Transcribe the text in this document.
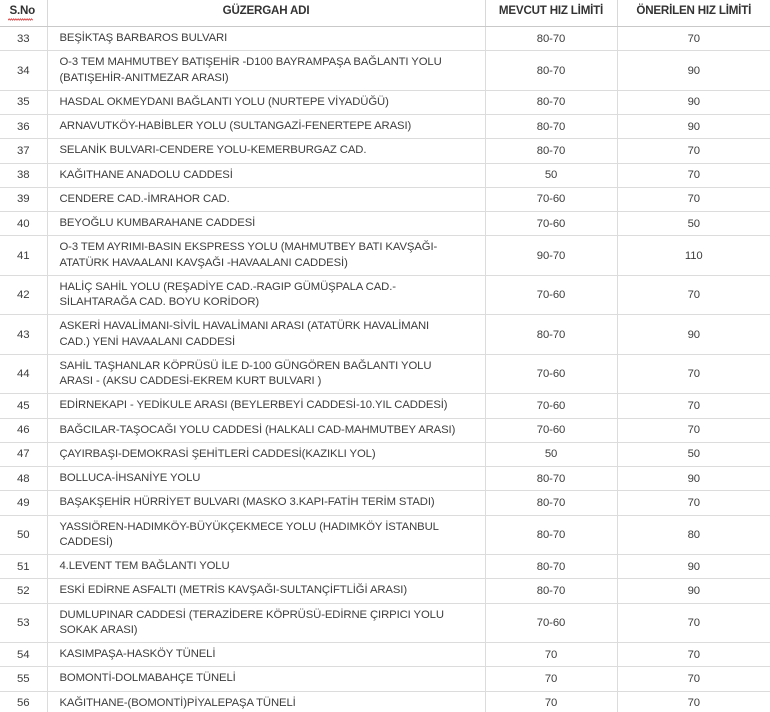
S.No	GÜZERGAH ADI	MEVCUT HIZ LİMİTİ	ÖNERİLEN HIZ LİMİTİ
33	BEŞİKTAŞ BARBAROS BULVARI	80-70	70
34	O-3 TEM MAHMUTBEY BATIŞEHİR -D100 BAYRAMPAŞA BAĞLANTI YOLU
(BATIŞEHİR-ANITMEZAR ARASI)	80-70	90
35	HASDAL OKMEYDANI BAĞLANTI YOLU (NURTEPE VİYADÜĞÜ)	80-70	90
36	ARNAVUTKÖY-HABİBLER YOLU (SULTANGAZİ-FENERTEPE ARASI)	80-70	90
37	SELANİK BULVARI-CENDERE YOLU-KEMERBURGAZ CAD.	80-70	70
38	KAĞITHANE ANADOLU CADDESİ	50	70
39	CENDERE CAD.-İMRAHOR CAD.	70-60	70
40	BEYOĞLU KUMBARAHANE CADDESİ	70-60	50
41	O-3 TEM AYRIMI-BASIN EKSPRESS YOLU (MAHMUTBEY BATI KAVŞAĞI-
ATATÜRK HAVAALANI KAVŞAĞI -HAVAALANI CADDESİ)	90-70	110
42	HALİÇ SAHİL YOLU (REŞADİYE CAD.-RAGIP GÜMÜŞPALA CAD.-
SİLAHTARAĞA CAD. BOYU KORİDOR)	70-60	70
43	ASKERİ HAVALİMANI-SİVİL HAVALİMANI ARASI (ATATÜRK HAVALİMANI
CAD.) YENİ HAVAALANI CADDESİ	80-70	90
44	SAHİL TAŞHANLAR KÖPRÜSÜ İLE D-100 GÜNGÖREN BAĞLANTI YOLU
ARASI - (AKSU CADDESİ-EKREM KURT BULVARI )	70-60	70
45	EDİRNEKAPI - YEDİKULE ARASI (BEYLERBEYİ CADDESİ-10.YIL CADDESİ)	70-60	70
46	BAĞCILAR-TAŞOCAĞI YOLU CADDESİ (HALKALI CAD-MAHMUTBEY ARASI)	70-60	70
47	ÇAYIRBAŞI-DEMOKRASİ ŞEHİTLERİ CADDESİ(KAZIKLI YOL)	50	50
48	BOLLUCA-İHSANİYE YOLU	80-70	90
49	BAŞAKŞEHİR HÜRRİYET BULVARI (MASKO 3.KAPI-FATİH TERİM STADI)	80-70	70
50	YASSIÖREN-HADIMKÖY-BÜYÜKÇEKMECE YOLU (HADIMKÖY İSTANBUL
CADDESİ)	80-70	80
51	4.LEVENT TEM BAĞLANTI YOLU	80-70	90
52	ESKİ EDİRNE ASFALTI (METRİS KAVŞAĞI-SULTANÇİFTLİĞİ ARASI)	80-70	90
53	DUMLUPINAR CADDESİ (TERAZİDERE KÖPRÜSÜ-EDİRNE ÇIRPICI YOLU
SOKAK ARASI)	70-60	70
54	KASIMPAŞA-HASKÖY TÜNELİ	70	70
55	BOMONTİ-DOLMABAHÇE TÜNELİ	70	70
56	KAĞITHANE-(BOMONTİ)PİYALEPAŞA TÜNELİ	70	70
